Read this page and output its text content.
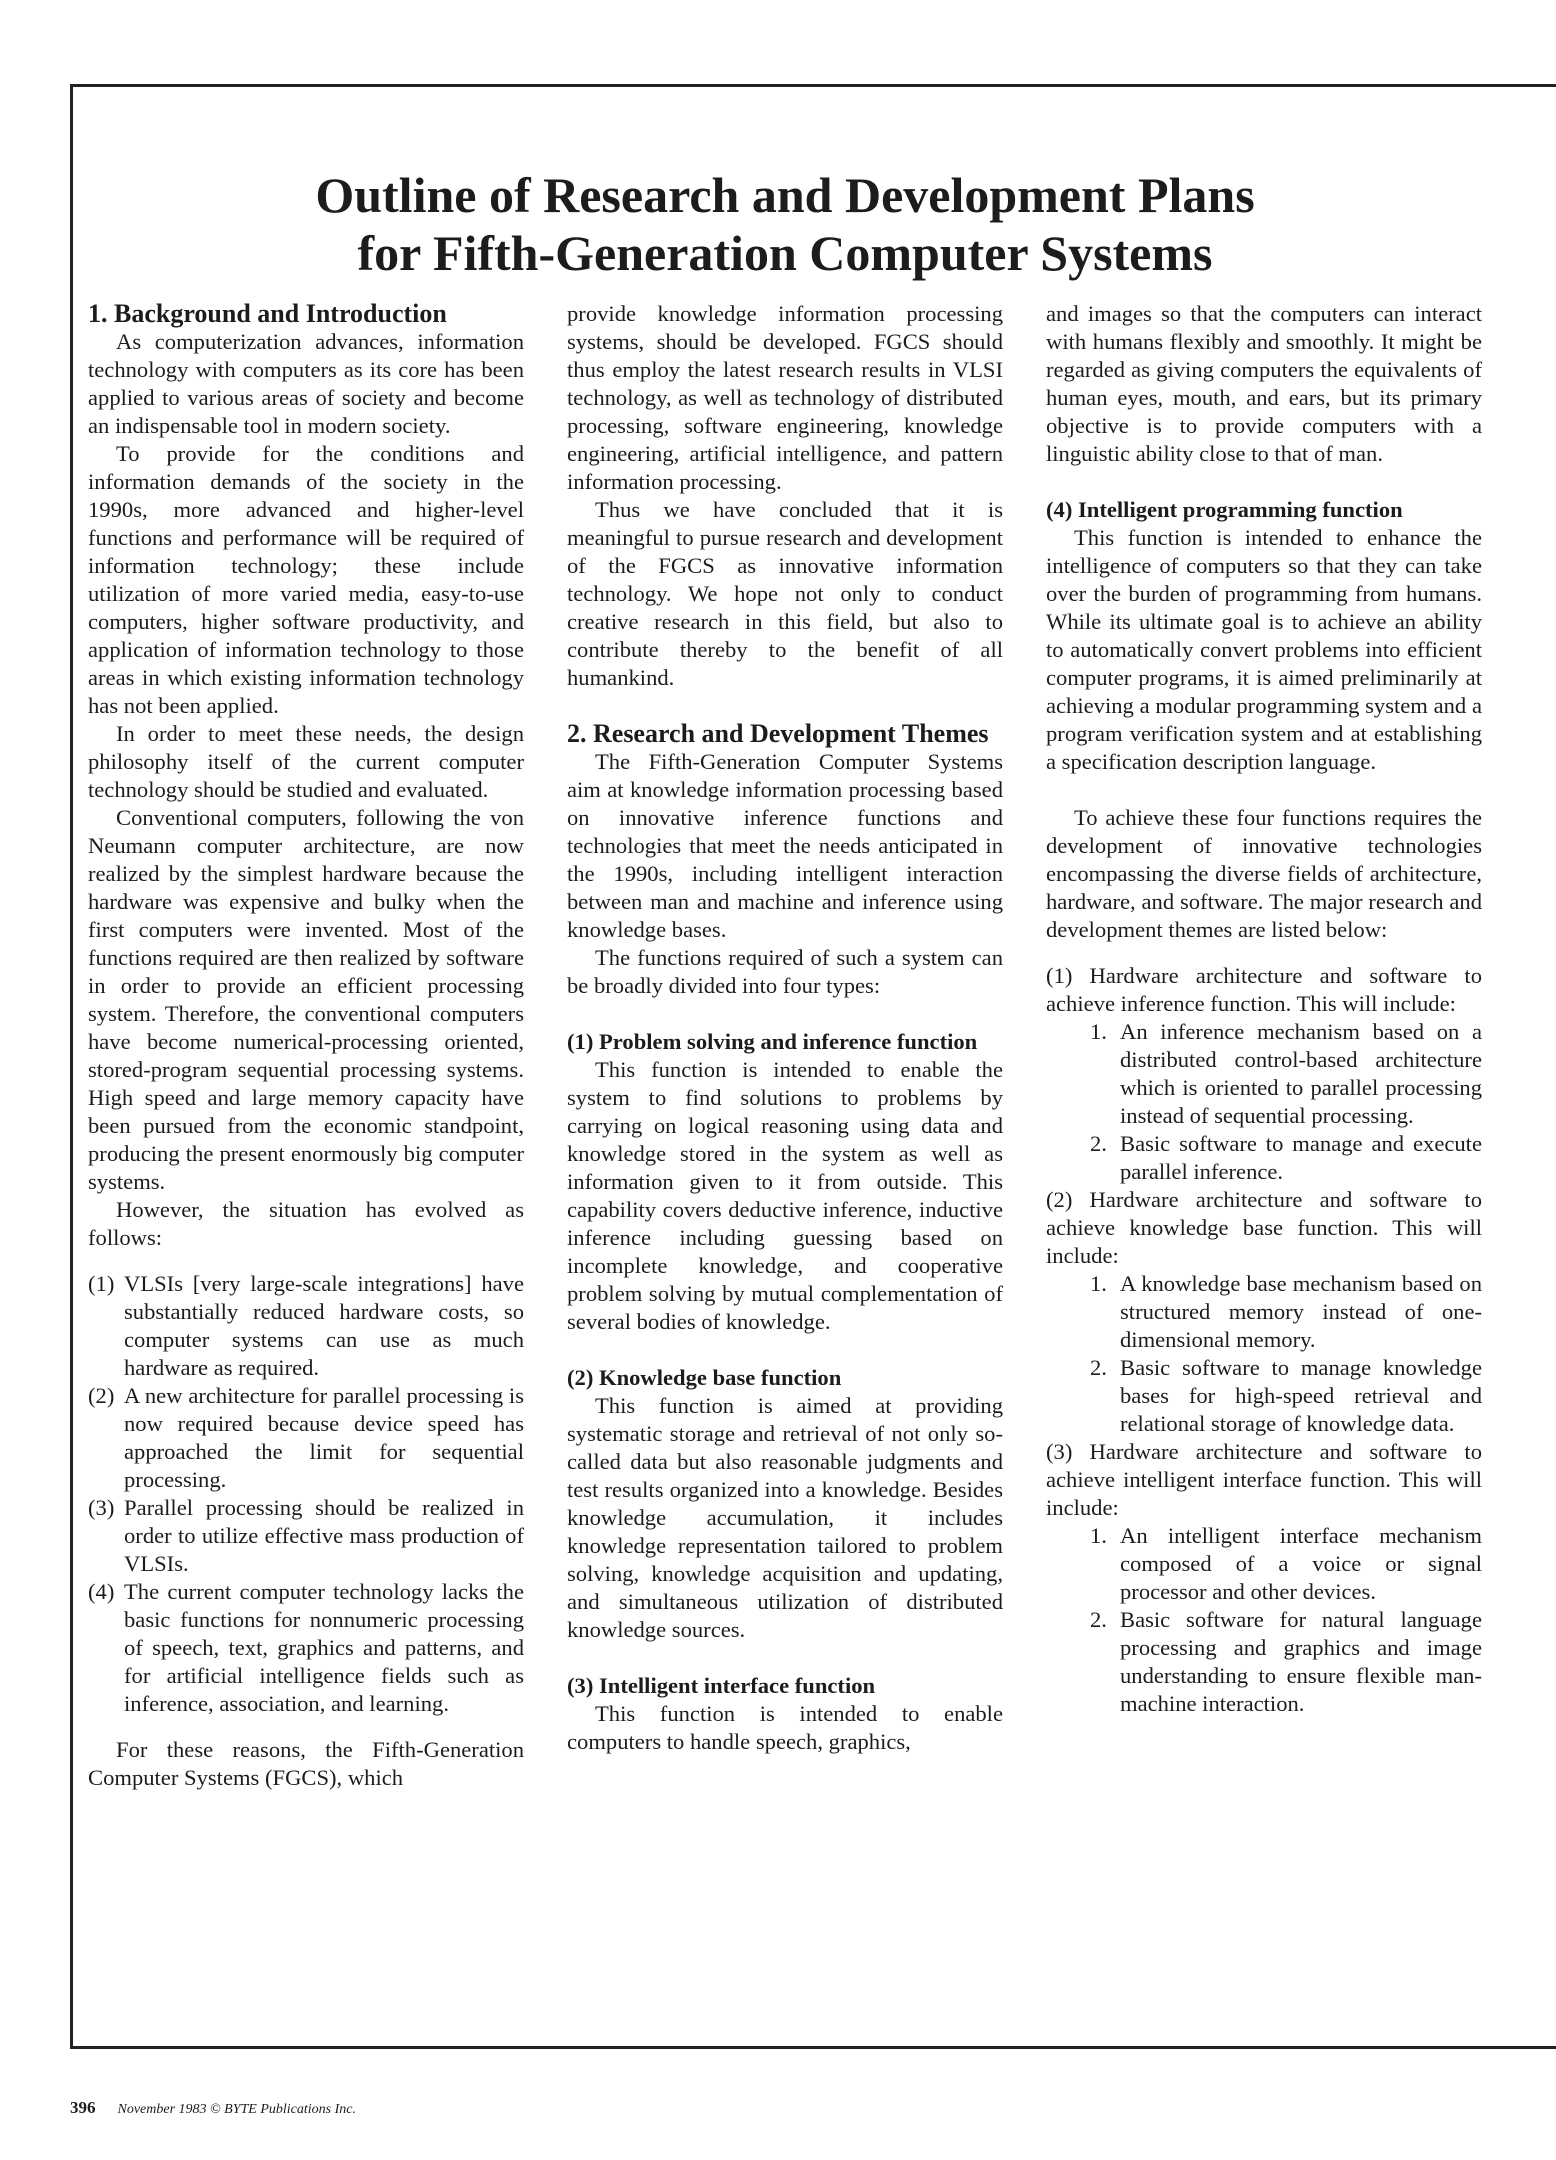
Outline of Research and Development Plans
for Fifth-Generation Computer Systems
1. Background and Introduction

As computerization advances, information technology with computers as its core has been applied to various areas of society and become an indispensable tool in modern society.

To provide for the conditions and information demands of the society in the 1990s, more advanced and higher-level functions and performance will be required of information technology; these include utilization of more varied media, easy-to-use computers, higher software productivity, and application of information technology to those areas in which existing information technology has not been applied.

In order to meet these needs, the design philosophy itself of the current computer technology should be studied and evaluated.

Conventional computers, following the von Neumann computer architecture, are now realized by the simplest hardware because the hardware was expensive and bulky when the first computers were invented. Most of the functions required are then realized by software in order to provide an efficient processing system. Therefore, the conventional computers have become numerical-processing oriented, stored-program sequential processing systems. High speed and large memory capacity have been pursued from the economic standpoint, producing the present enormously big computer systems.

However, the situation has evolved as follows:

(1) VLSIs [very large-scale integrations] have substantially reduced hardware costs, so computer systems can use as much hardware as required.
(2) A new architecture for parallel processing is now required because device speed has approached the limit for sequential processing.
(3) Parallel processing should be realized in order to utilize effective mass production of VLSIs.
(4) The current computer technology lacks the basic functions for nonnumeric processing of speech, text, graphics and patterns, and for artificial intelligence fields such as inference, association, and learning.

For these reasons, the Fifth-Generation Computer Systems (FGCS), which

provide knowledge information processing systems, should be developed. FGCS should thus employ the latest research results in VLSI technology, as well as technology of distributed processing, software engineering, knowledge engineering, artificial intelligence, and pattern information processing.

Thus we have concluded that it is meaningful to pursue research and development of the FGCS as innovative information technology. We hope not only to conduct creative research in this field, but also to contribute thereby to the benefit of all humankind.

2. Research and Development Themes

The Fifth-Generation Computer Systems aim at knowledge information processing based on innovative inference functions and technologies that meet the needs anticipated in the 1990s, including intelligent interaction between man and machine and inference using knowledge bases.

The functions required of such a system can be broadly divided into four types:

(1) Problem solving and inference function

This function is intended to enable the system to find solutions to problems by carrying on logical reasoning using data and knowledge stored in the system as well as information given to it from outside. This capability covers deductive inference, inductive inference including guessing based on incomplete knowledge, and cooperative problem solving by mutual complementation of several bodies of knowledge.

(2) Knowledge base function

This function is aimed at providing systematic storage and retrieval of not only so-called data but also reasonable judgments and test results organized into a knowledge. Besides knowledge accumulation, it includes knowledge representation tailored to problem solving, knowledge acquisition and updating, and simultaneous utilization of distributed knowledge sources.

(3) Intelligent interface function

This function is intended to enable computers to handle speech, graphics,

and images so that the computers can interact with humans flexibly and smoothly. It might be regarded as giving computers the equivalents of human eyes, mouth, and ears, but its primary objective is to provide computers with a linguistic ability close to that of man.

(4) Intelligent programming function

This function is intended to enhance the intelligence of computers so that they can take over the burden of programming from humans. While its ultimate goal is to achieve an ability to automatically convert problems into efficient computer programs, it is aimed preliminarily at achieving a modular programming system and a program verification system and at establishing a specification description language.

To achieve these four functions requires the development of innovative technologies encompassing the diverse fields of architecture, hardware, and software. The major research and development themes are listed below:

(1) Hardware architecture and software to achieve inference function. This will include:

1. An inference mechanism based on a distributed control-based architecture which is oriented to parallel processing instead of sequential processing.
2. Basic software to manage and execute parallel inference.

(2) Hardware architecture and software to achieve knowledge base function. This will include:

1. A knowledge base mechanism based on structured memory instead of one-dimensional memory.
2. Basic software to manage knowledge bases for high-speed retrieval and relational storage of knowledge data.

(3) Hardware architecture and software to achieve intelligent interface function. This will include:

1. An intelligent interface mechanism composed of a voice or signal processor and other devices.
2. Basic software for natural language processing and graphics and image understanding to ensure flexible man-machine interaction.
396 November 1983 © BYTE Publications Inc.
